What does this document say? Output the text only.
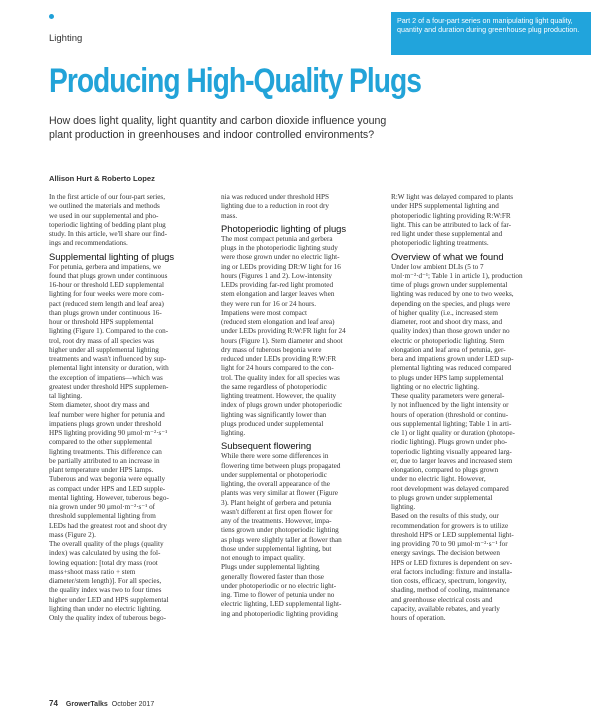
Lighting
Part 2 of a four-part series on manipulating light quality, quantity and duration during greenhouse plug production.
Producing High-Quality Plugs
How does light quality, light quantity and carbon dioxide influence young plant production in greenhouses and indoor controlled environments?
Allison Hurt & Roberto Lopez

In the first article of our four-part series,
we outlined the materials and methods
we used in our supplemental and pho-
toperiodic lighting of bedding plant plug
study. In this article, we'll share our find-
ings and recommendations.

Supplemental lighting of plugs

For petunia, gerbera and impatiens, we
found that plugs grown under continuous
16-hour or threshold LED supplemental
lighting for four weeks were more com-
pact (reduced stem length and leaf area)
than plugs grown under continuous 16-
hour or threshold HPS supplemental
lighting (Figure 1). Compared to the con-
trol, root dry mass of all species was
higher under all supplemental lighting
treatments and wasn't influenced by sup-
plemental light intensity or duration, with
the exception of impatiens—which was
greatest under threshold HPS supplemen-
tal lighting.

Stem diameter, shoot dry mass and
leaf number were higher for petunia and
impatiens plugs grown under threshold
HPS lighting providing 90 µmol·m⁻²·s⁻¹
compared to the other supplemental
lighting treatments. This difference can
be partially attributed to an increase in
plant temperature under HPS lamps.
Tuberous and wax begonia were equally
as compact under HPS and LED supple-
mental lighting. However, tuberous bego-
nia grown under 90 µmol·m⁻²·s⁻¹ of
threshold supplemental lighting from
LEDs had the greatest root and shoot dry
mass (Figure 2).

The overall quality of the plugs (quality
index) was calculated by using the fol-
lowing equation: [total dry mass (root
mass+shoot mass ratio + stem
diameter/stem length)]. For all species,
the quality index was two to four times
higher under LED and HPS supplemental
lighting than under no electric lighting.
Only the quality index of tuberous bego-

nia was reduced under threshold HPS
lighting due to a reduction in root dry
mass.

Photoperiodic lighting of plugs

The most compact petunia and gerbera
plugs in the photoperiodic lighting study
were those grown under no electric light-
ing or LEDs providing DR:W light for 16
hours (Figures 1 and 2). Low-intensity
LEDs providing far-red light promoted
stem elongation and larger leaves when
they were run for 16 or 24 hours.

Impatiens were most compact
(reduced stem elongation and leaf area)
under LEDs providing R:W:FR light for 24
hours (Figure 1). Stem diameter and shoot
dry mass of tuberous begonia were
reduced under LEDs providing R:W:FR
light for 24 hours compared to the con-
trol. The quality index for all species was
the same regardless of photoperiodic
lighting treatment. However, the quality
index of plugs grown under photoperiodic
lighting was significantly lower than
plugs produced under supplemental
lighting.

Subsequent flowering

While there were some differences in
flowering time between plugs propagated
under supplemental or photoperiodic
lighting, the overall appearance of the
plants was very similar at flower (Figure
3). Plant height of gerbera and petunia
wasn't different at first open flower for
any of the treatments. However, impa-
tiens grown under photoperiodic lighting
as plugs were slightly taller at flower than
those under supplemental lighting, but
not enough to impact quality.

Plugs under supplemental lighting
generally flowered faster than those
under photoperiodic or no electric light-
ing. Time to flower of petunia under no
electric lighting, LED supplemental light-
ing and photoperiodic lighting providing

R:W light was delayed compared to plants
under HPS supplemental lighting and
photoperiodic lighting providing R:W:FR
light. This can be attributed to lack of far-
red light under these supplemental and
photoperiodic lighting treatments.

Overview of what we found

Under low ambient DLIs (5 to 7
mol·m⁻²·d⁻¹; Table 1 in article 1), production
time of plugs grown under supplemental
lighting was reduced by one to two weeks,
depending on the species, and plugs were
of higher quality (i.e., increased stem
diameter, root and shoot dry mass, and
quality index) than those grown under no
electric or photoperiodic lighting. Stem
elongation and leaf area of petunia, ger-
bera and impatiens grown under LED sup-
plemental lighting was reduced compared
to plugs under HPS lamp supplemental
lighting or no electric lighting.

These quality parameters were general-
ly not influenced by the light intensity or
hours of operation (threshold or continu-
ous supplemental lighting; Table 1 in arti-
cle 1) or light quality or duration (photope-
riodic lighting). Plugs grown under pho-
toperiodic lighting visually appeared larg-
er, due to larger leaves and increased stem
elongation, compared to plugs grown
under no electric light. However,
root development was delayed compared
to plugs grown under supplemental
lighting.

Based on the results of this study, our
recommendation for growers is to utilize
threshold HPS or LED supplemental light-
ing providing 70 to 90 µmol·m⁻²·s⁻¹ for
energy savings. The decision between
HPS or LED fixtures is dependent on sev-
eral factors including: fixture and installa-
tion costs, efficacy, spectrum, longevity,
shading, method of cooling, maintenance
and greenhouse electrical costs and
capacity, available rebates, and yearly
hours of operation.

74 GrowerTalks October 2017
